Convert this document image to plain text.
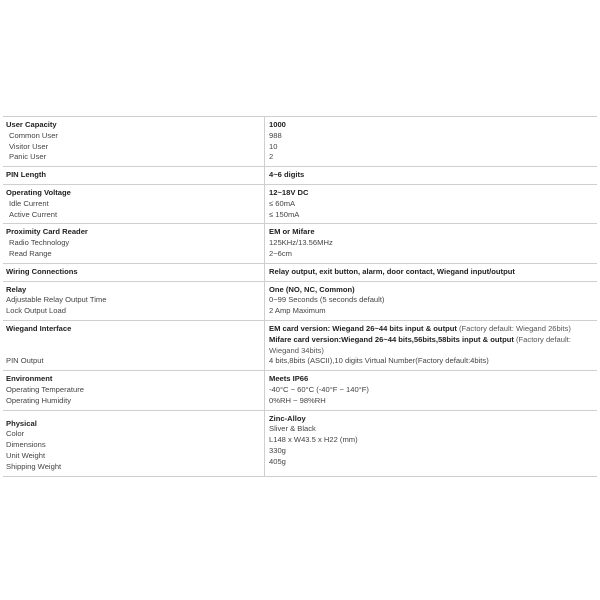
User Capacity
Common User
Visitor User
Panic User
1000
988
10
2
PIN Length	4~6 digits
Operating Voltage
Idle Current
Active Current
12~18V DC
≤ 60mA
≤ 150mA
Proximity Card Reader
Radio Technology
Read Range
EM or Mifare
125KHz/13.56MHz
2~6cm
Wiring Connections	Relay output, exit button, alarm, door contact, Wiegand input/output
Relay
Adjustable Relay Output Time
Lock Output Load
One (NO, NC, Common)
0~99 Seconds (5 seconds default)
2 Amp Maximum
Wiegand Interface
PIN Output
EM card version: Wiegand 26~44 bits input & output (Factory default: Wiegand 26bits)
Mifare card version:Wiegand 26~44 bits,56bits,58bits input & output (Factory default: Wiegand 34bits)
4 bits,8bits (ASCII),10 digits Virtual Number(Factory default:4bits)
Environment
Operating Temperature
Operating Humidity
Meets IP66
-40°C ~ 60°C (-40°F ~ 140°F)
0%RH ~ 98%RH
Physical
Color
Dimensions
Unit Weight
Shipping Weight
Zinc-Alloy
Sliver & Black
L148 x W43.5 x H22 (mm)
330g
405g
